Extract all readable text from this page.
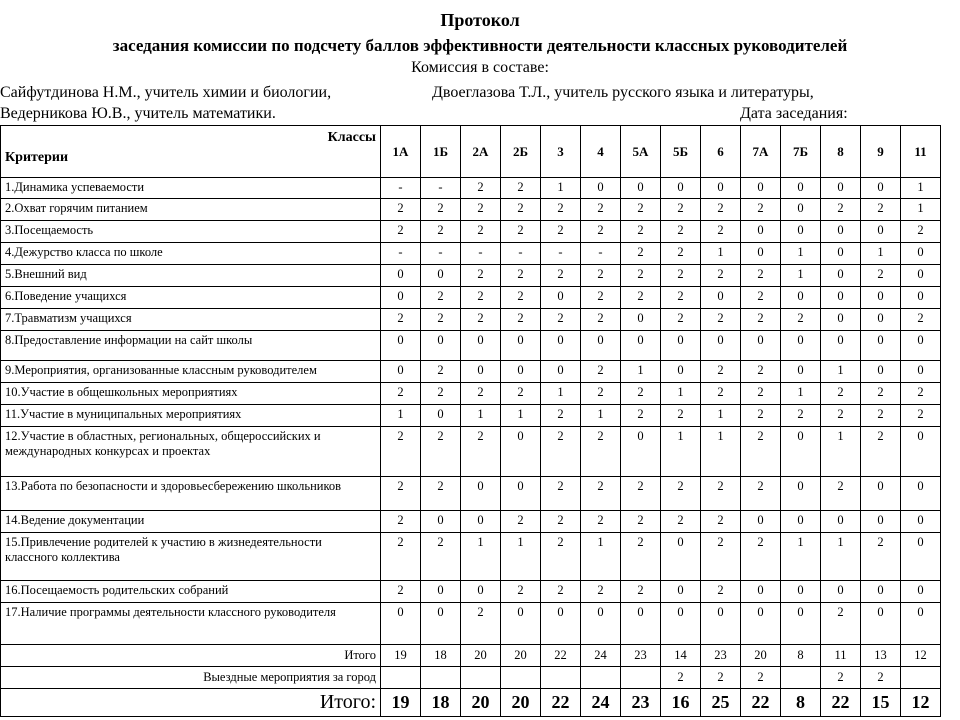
Протокол
заседания комиссии по подсчету баллов эффективности деятельности классных руководителей
Комиссия в составе:
Сайфутдинова Н.М., учитель химии и биологии,	Двоеглазова Т.Л., учитель русского языка и литературы,
Ведерникова Ю.В., учитель математики.	Дата заседания:
Классы
Критерии	1А	1Б	2А	2Б	3	4	5А	5Б	6	7А	7Б	8	9	11
1.Динамика успеваемости	-	-	2	2	1	0	0	0	0	0	0	0	0	1
2.Охват горячим питанием	2	2	2	2	2	2	2	2	2	2	0	2	2	1
3.Посещаемость	2	2	2	2	2	2	2	2	2	0	0	0	0	2
4.Дежурство класса по школе	-	-	-	-	-	-	2	2	1	0	1	0	1	0
5.Внешний вид	0	0	2	2	2	2	2	2	2	2	1	0	2	0
6.Поведение учащихся	0	2	2	2	0	2	2	2	0	2	0	0	0	0
7.Травматизм учащихся	2	2	2	2	2	2	0	2	2	2	2	0	0	2
8.Предоставление информации на сайт школы	0	0	0	0	0	0	0	0	0	0	0	0	0	0
9.Мероприятия, организованные классным руководителем	0	2	0	0	0	2	1	0	2	2	0	1	0	0
10.Участие в общешкольных мероприятиях	2	2	2	2	1	2	2	1	2	2	1	2	2	2
11.Участие в муниципальных мероприятиях	1	0	1	1	2	1	2	2	1	2	2	2	2	2
12.Участие в областных, региональных, общероссийских и международных конкурсах и проектах	2	2	2	0	2	2	0	1	1	2	0	1	2	0
13.Работа по безопасности и здоровьесбережению школьников	2	2	0	0	2	2	2	2	2	2	0	2	0	0
14.Ведение документации	2	0	0	2	2	2	2	2	2	0	0	0	0	0
15.Привлечение родителей к участию в жизнедеятельности классного коллектива	2	2	1	1	2	1	2	0	2	2	1	1	2	0
16.Посещаемость родительских собраний	2	0	0	2	2	2	2	0	2	0	0	0	0	0
17.Наличие программы деятельности классного руководителя	0	0	2	0	0	0	0	0	0	0	0	2	0	0
Итого	19	18	20	20	22	24	23	14	23	20	8	11	13	12
Выездные мероприятия за город								2	2	2		2	2	
Итого:	19	18	20	20	22	24	23	16	25	22	8	22	15	12
